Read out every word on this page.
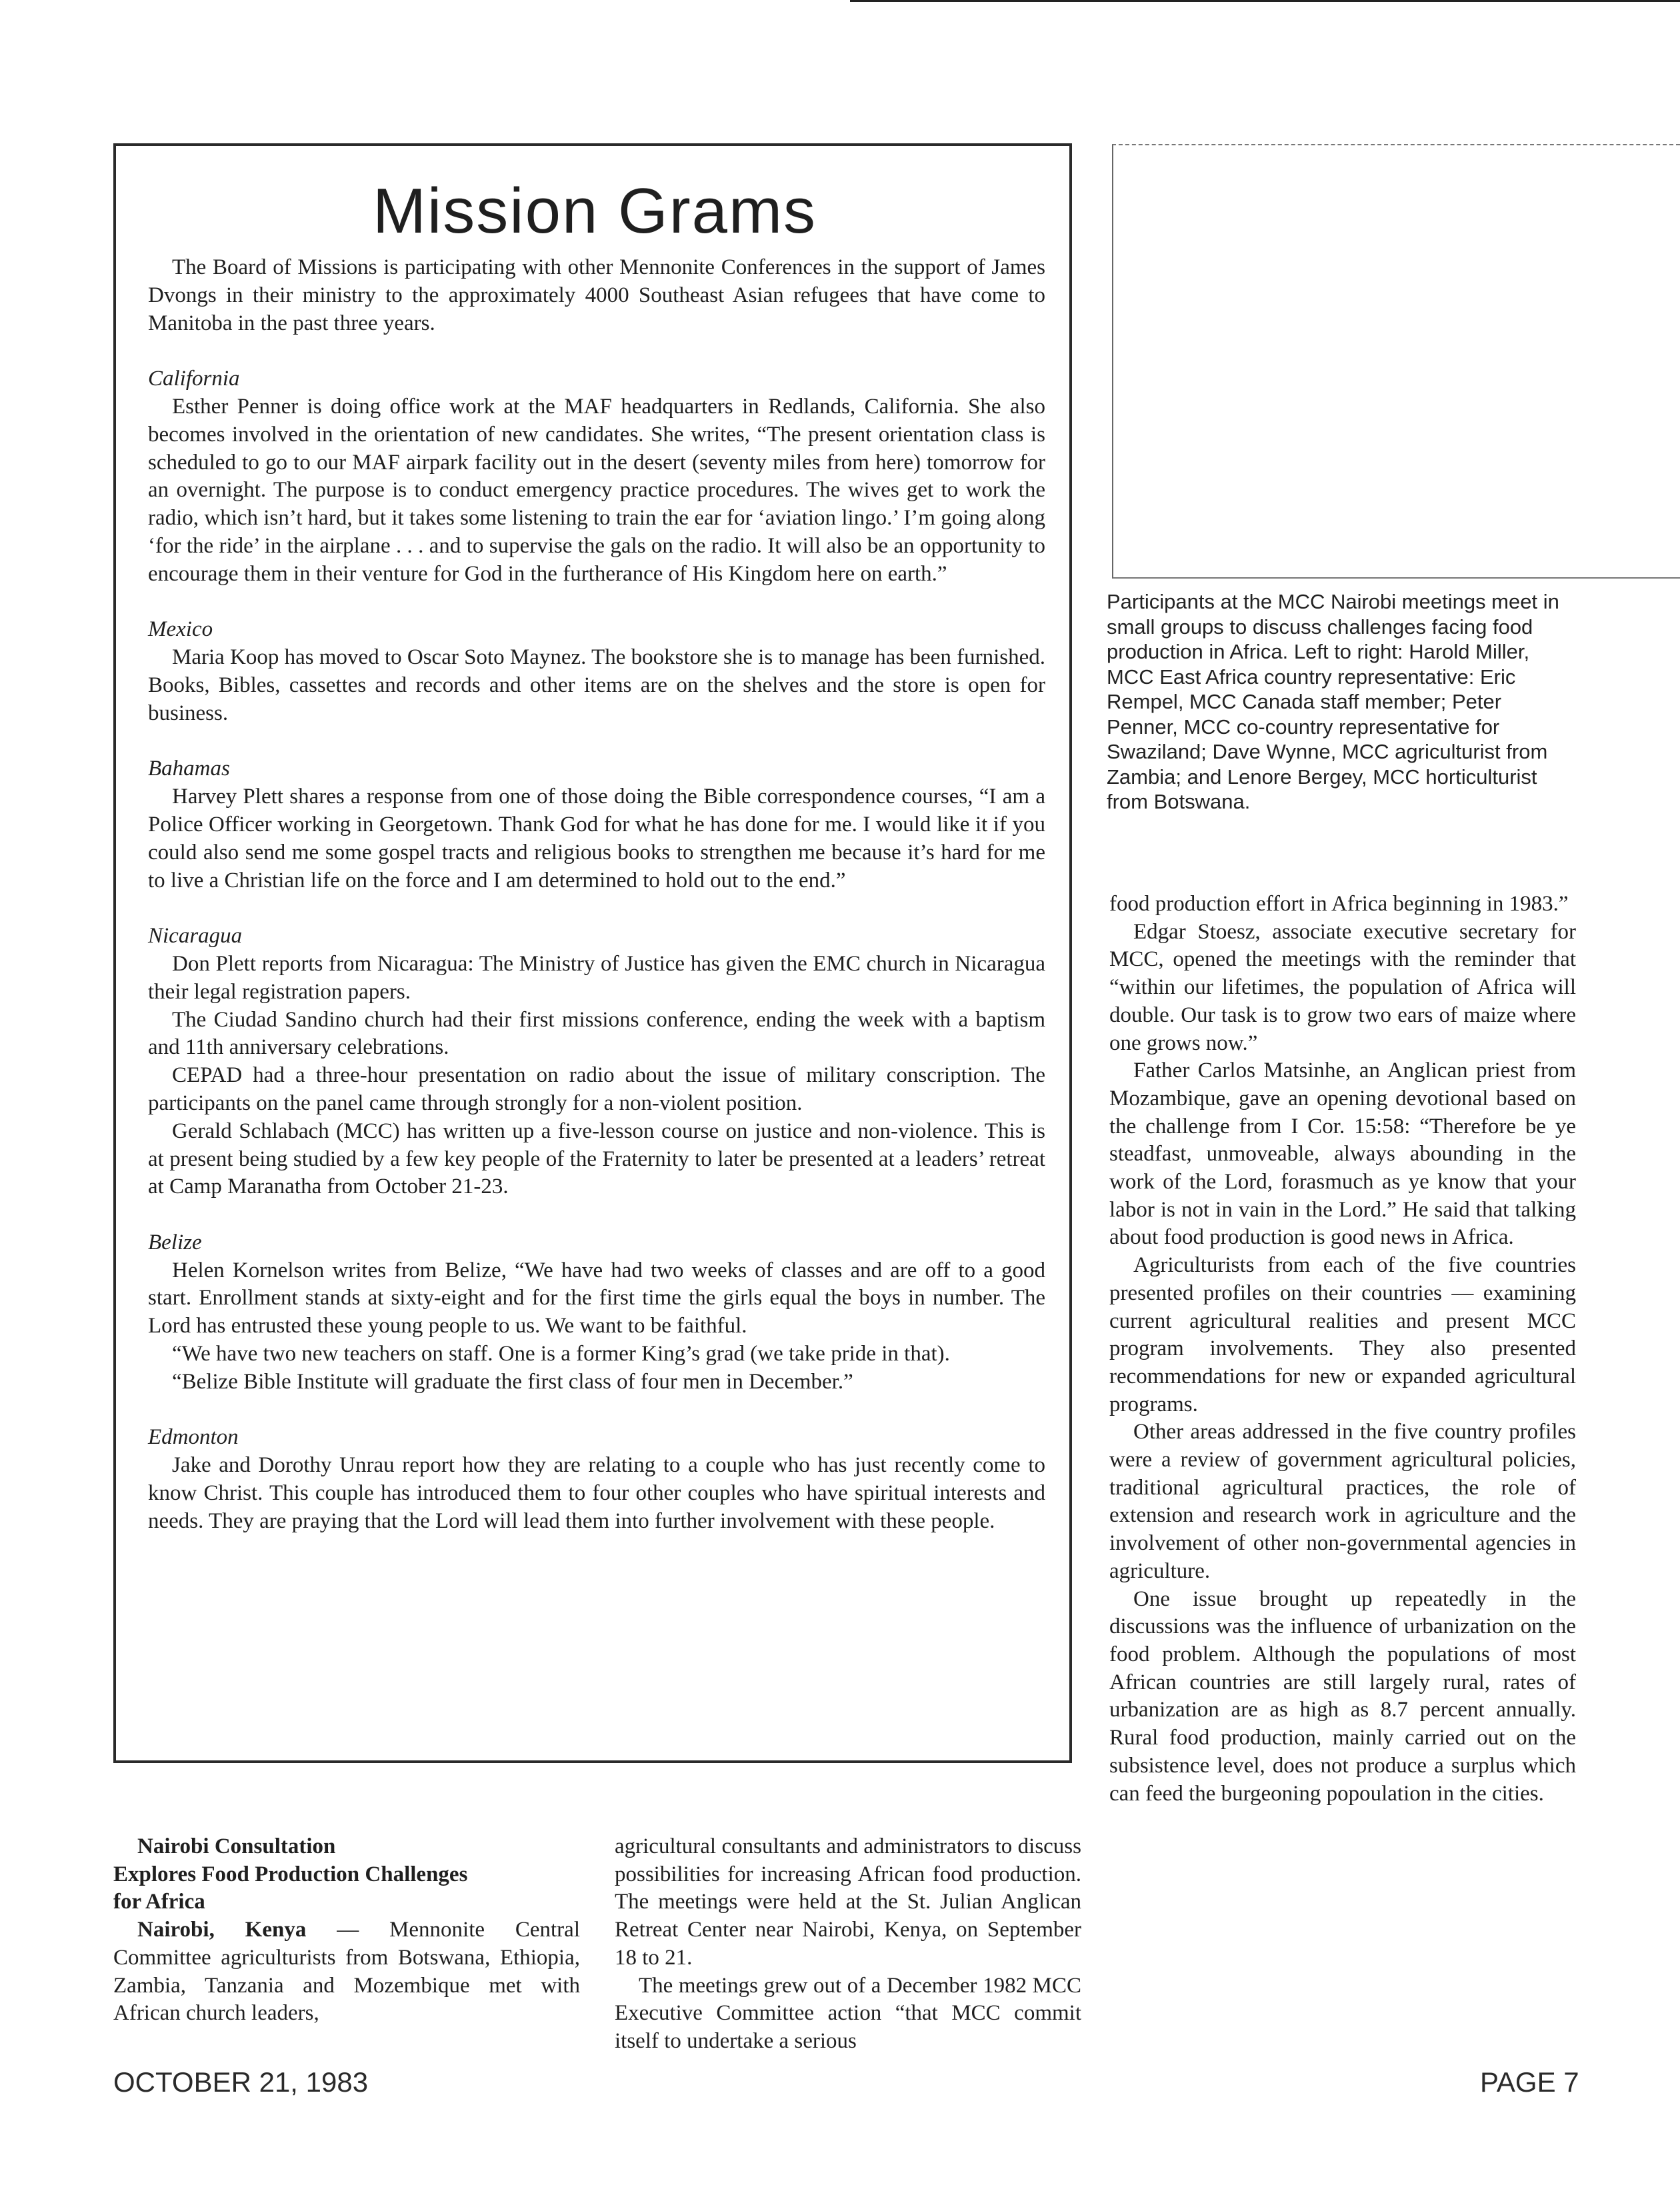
Mission Grams

The Board of Missions is participating with other Mennonite Conferences in the support of James Dvongs in their ministry to the approximately 4000 Southeast Asian refugees that have come to Manitoba in the past three years.

California

Esther Penner is doing office work at the MAF headquarters in Redlands, California. She also becomes involved in the orientation of new candidates. She writes, “The present orientation class is scheduled to go to our MAF airpark facility out in the desert (seventy miles from here) tomorrow for an overnight. The purpose is to conduct emergency practice procedures. The wives get to work the radio, which isn’t hard, but it takes some listening to train the ear for ‘aviation lingo.’ I’m going along ‘for the ride’ in the airplane . . . and to supervise the gals on the radio. It will also be an opportunity to encourage them in their venture for God in the furtherance of His Kingdom here on earth.”

Mexico

Maria Koop has moved to Oscar Soto Maynez. The bookstore she is to manage has been furnished. Books, Bibles, cassettes and records and other items are on the shelves and the store is open for business.

Bahamas

Harvey Plett shares a response from one of those doing the Bible correspondence courses, “I am a Police Officer working in Georgetown. Thank God for what he has done for me. I would like it if you could also send me some gospel tracts and religious books to strengthen me because it’s hard for me to live a Christian life on the force and I am determined to hold out to the end.”

Nicaragua

Don Plett reports from Nicaragua: The Ministry of Justice has given the EMC church in Nicaragua their legal registration papers.

The Ciudad Sandino church had their first missions conference, ending the week with a baptism and 11th anniversary celebrations.

CEPAD had a three-hour presentation on radio about the issue of military conscription. The participants on the panel came through strongly for a non-violent position.

Gerald Schlabach (MCC) has written up a five-lesson course on justice and non-violence. This is at present being studied by a few key people of the Fraternity to later be presented at a leaders’ retreat at Camp Maranatha from October 21-23.

Belize

Helen Kornelson writes from Belize, “We have had two weeks of classes and are off to a good start. Enrollment stands at sixty-eight and for the first time the girls equal the boys in number. The Lord has entrusted these young people to us. We want to be faithful.

“We have two new teachers on staff. One is a former King’s grad (we take pride in that).

“Belize Bible Institute will graduate the first class of four men in December.”

Edmonton

Jake and Dorothy Unrau report how they are relating to a couple who has just recently come to know Christ. This couple has introduced them to four other couples who have spiritual interests and needs. They are praying that the Lord will lead them into further involvement with these people.

Participants at the MCC Nairobi meetings meet in small groups to discuss challenges facing food production in Africa. Left to right: Harold Miller, MCC East Africa country representative: Eric Rempel, MCC Canada staff member; Peter Penner, MCC co-country representative for Swaziland; Dave Wynne, MCC agriculturist from Zambia; and Lenore Bergey, MCC horticulturist from Botswana.

Nairobi Consultation
Explores Food Production Challenges
for Africa

Nairobi, Kenya — Mennonite Central Committee agriculturists from Botswana, Ethiopia, Zambia, Tanzania and Mozembique met with African church leaders,

agricultural consultants and administrators to discuss possibilities for increasing African food production. The meetings were held at the St. Julian Anglican Retreat Center near Nairobi, Kenya, on September 18 to 21.

The meetings grew out of a December 1982 MCC Executive Committee action “that MCC commit itself to undertake a serious

food production effort in Africa beginning in 1983.”

Edgar Stoesz, associate executive secretary for MCC, opened the meetings with the reminder that “within our lifetimes, the population of Africa will double. Our task is to grow two ears of maize where one grows now.”

Father Carlos Matsinhe, an Anglican priest from Mozambique, gave an opening devotional based on the challenge from I Cor. 15:58: “Therefore be ye steadfast, unmoveable, always abounding in the work of the Lord, forasmuch as ye know that your labor is not in vain in the Lord.” He said that talking about food production is good news in Africa.

Agriculturists from each of the five countries presented profiles on their countries — examining current agricultural realities and present MCC program involvements. They also presented recommendations for new or expanded agricultural programs.

Other areas addressed in the five country profiles were a review of government agricultural policies, traditional agricultural practices, the role of extension and research work in agriculture and the involvement of other non-governmental agencies in agriculture.

One issue brought up repeatedly in the discussions was the influence of urbanization on the food problem. Although the populations of most African countries are still largely rural, rates of urbanization are as high as 8.7 percent annually. Rural food production, mainly carried out on the subsistence level, does not produce a surplus which can feed the burgeoning popoulation in the cities.

OCTOBER 21, 1983	PAGE 7
